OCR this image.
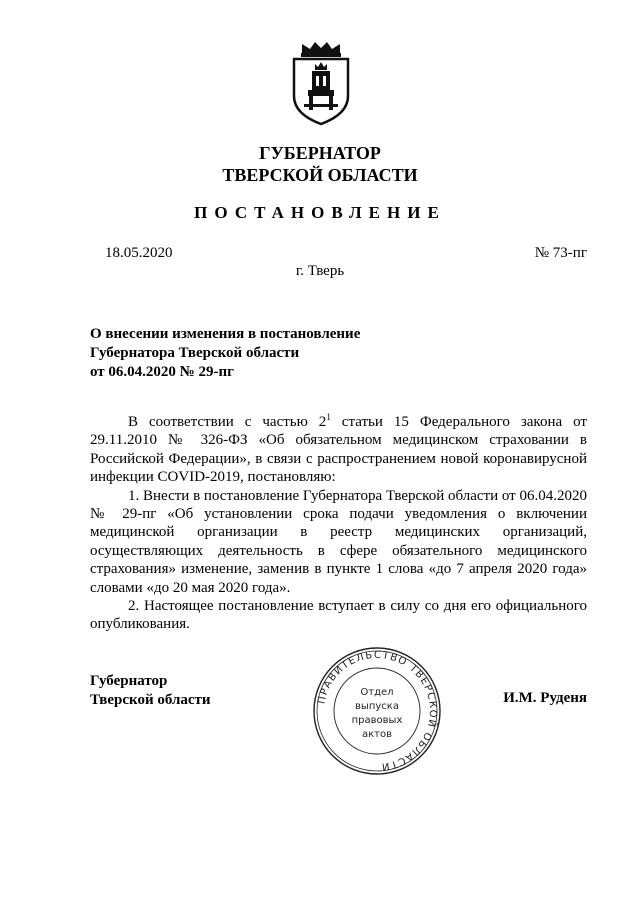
ГУБЕРНАТОР
ТВЕРСКОЙ ОБЛАСТИ
ПОСТАНОВЛЕНИЕ
18.05.2020	№ 73-пг
г. Тверь
О внесении изменения в постановление
Губернатора Тверской области
от 06.04.2020 № 29-пг

В соответствии с частью $2^1$ статьи 15 Федерального закона от 29.11.2010 № 326-ФЗ «Об обязательном медицинском страховании в Российской Федерации», в связи с распространением новой коронавирусной инфекции COVID-2019, постановляю:

1. Внести в постановление Губернатора Тверской области от 06.04.2020 № 29-пг «Об установлении срока подачи уведомления о включении медицинской организации в реестр медицинских организаций, осуществляющих деятельность в сфере обязательного медицинского страхования» изменение, заменив в пункте 1 слова «до 7 апреля 2020 года» словами «до 20 мая 2020 года».

2. Настоящее постановление вступает в силу со дня его официального опубликования.

Губернатор
Тверской области	ПРАВИТЕЛЬСТВО ТВЕРСКОЙ ОБЛАСТИ
Отдел
выпуска
правовых
актов
И.М. Руденя
